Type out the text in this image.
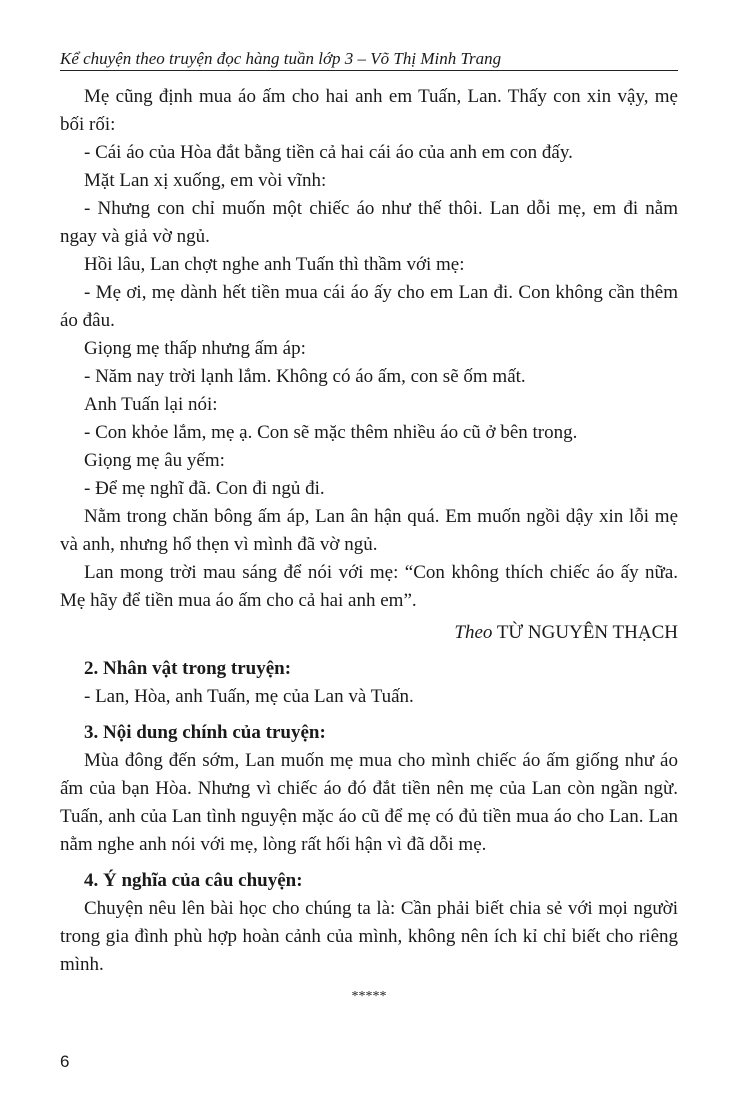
Kể chuyện theo truyện đọc hàng tuần lớp 3 – Võ Thị Minh Trang

Mẹ cũng định mua áo ấm cho hai anh em Tuấn, Lan. Thấy con xin vậy, mẹ bối rối:

- Cái áo của Hòa đắt bằng tiền cả hai cái áo của anh em con đấy.

Mặt Lan xị xuống, em vòi vĩnh:

- Nhưng con chỉ muốn một chiếc áo như thế thôi. Lan dỗi mẹ, em đi nằm ngay và giả vờ ngủ.

Hồi lâu, Lan chợt nghe anh Tuấn thì thầm với mẹ:

- Mẹ ơi, mẹ dành hết tiền mua cái áo ấy cho em Lan đi. Con không cần thêm áo đâu.

Giọng mẹ thấp nhưng ấm áp:

- Năm nay trời lạnh lắm. Không có áo ấm, con sẽ ốm mất.

Anh Tuấn lại nói:

- Con khỏe lắm, mẹ ạ. Con sẽ mặc thêm nhiều áo cũ ở bên trong.

Giọng mẹ âu yếm:

- Để mẹ nghĩ đã. Con đi ngủ đi.

Nằm trong chăn bông ấm áp, Lan ân hận quá. Em muốn ngồi dậy xin lỗi mẹ và anh, nhưng hổ thẹn vì mình đã vờ ngủ.

Lan mong trời mau sáng để nói với mẹ: “Con không thích chiếc áo ấy nữa. Mẹ hãy để tiền mua áo ấm cho cả hai anh em”.

Theo TỪ NGUYÊN THẠCH

2. Nhân vật trong truyện:

- Lan, Hòa, anh Tuấn, mẹ của Lan và Tuấn.

3. Nội dung chính của truyện:

Mùa đông đến sớm, Lan muốn mẹ mua cho mình chiếc áo ấm giống như áo ấm của bạn Hòa. Nhưng vì chiếc áo đó đắt tiền nên mẹ của Lan còn ngần ngừ. Tuấn, anh của Lan tình nguyện mặc áo cũ để mẹ có đủ tiền mua áo cho Lan. Lan nằm nghe anh nói với mẹ, lòng rất hối hận vì đã dỗi mẹ.

4. Ý nghĩa của câu chuyện:

Chuyện nêu lên bài học cho chúng ta là: Cần phải biết chia sẻ với mọi người trong gia đình phù hợp hoàn cảnh của mình, không nên ích kỉ chỉ biết cho riêng mình.

*****

6
